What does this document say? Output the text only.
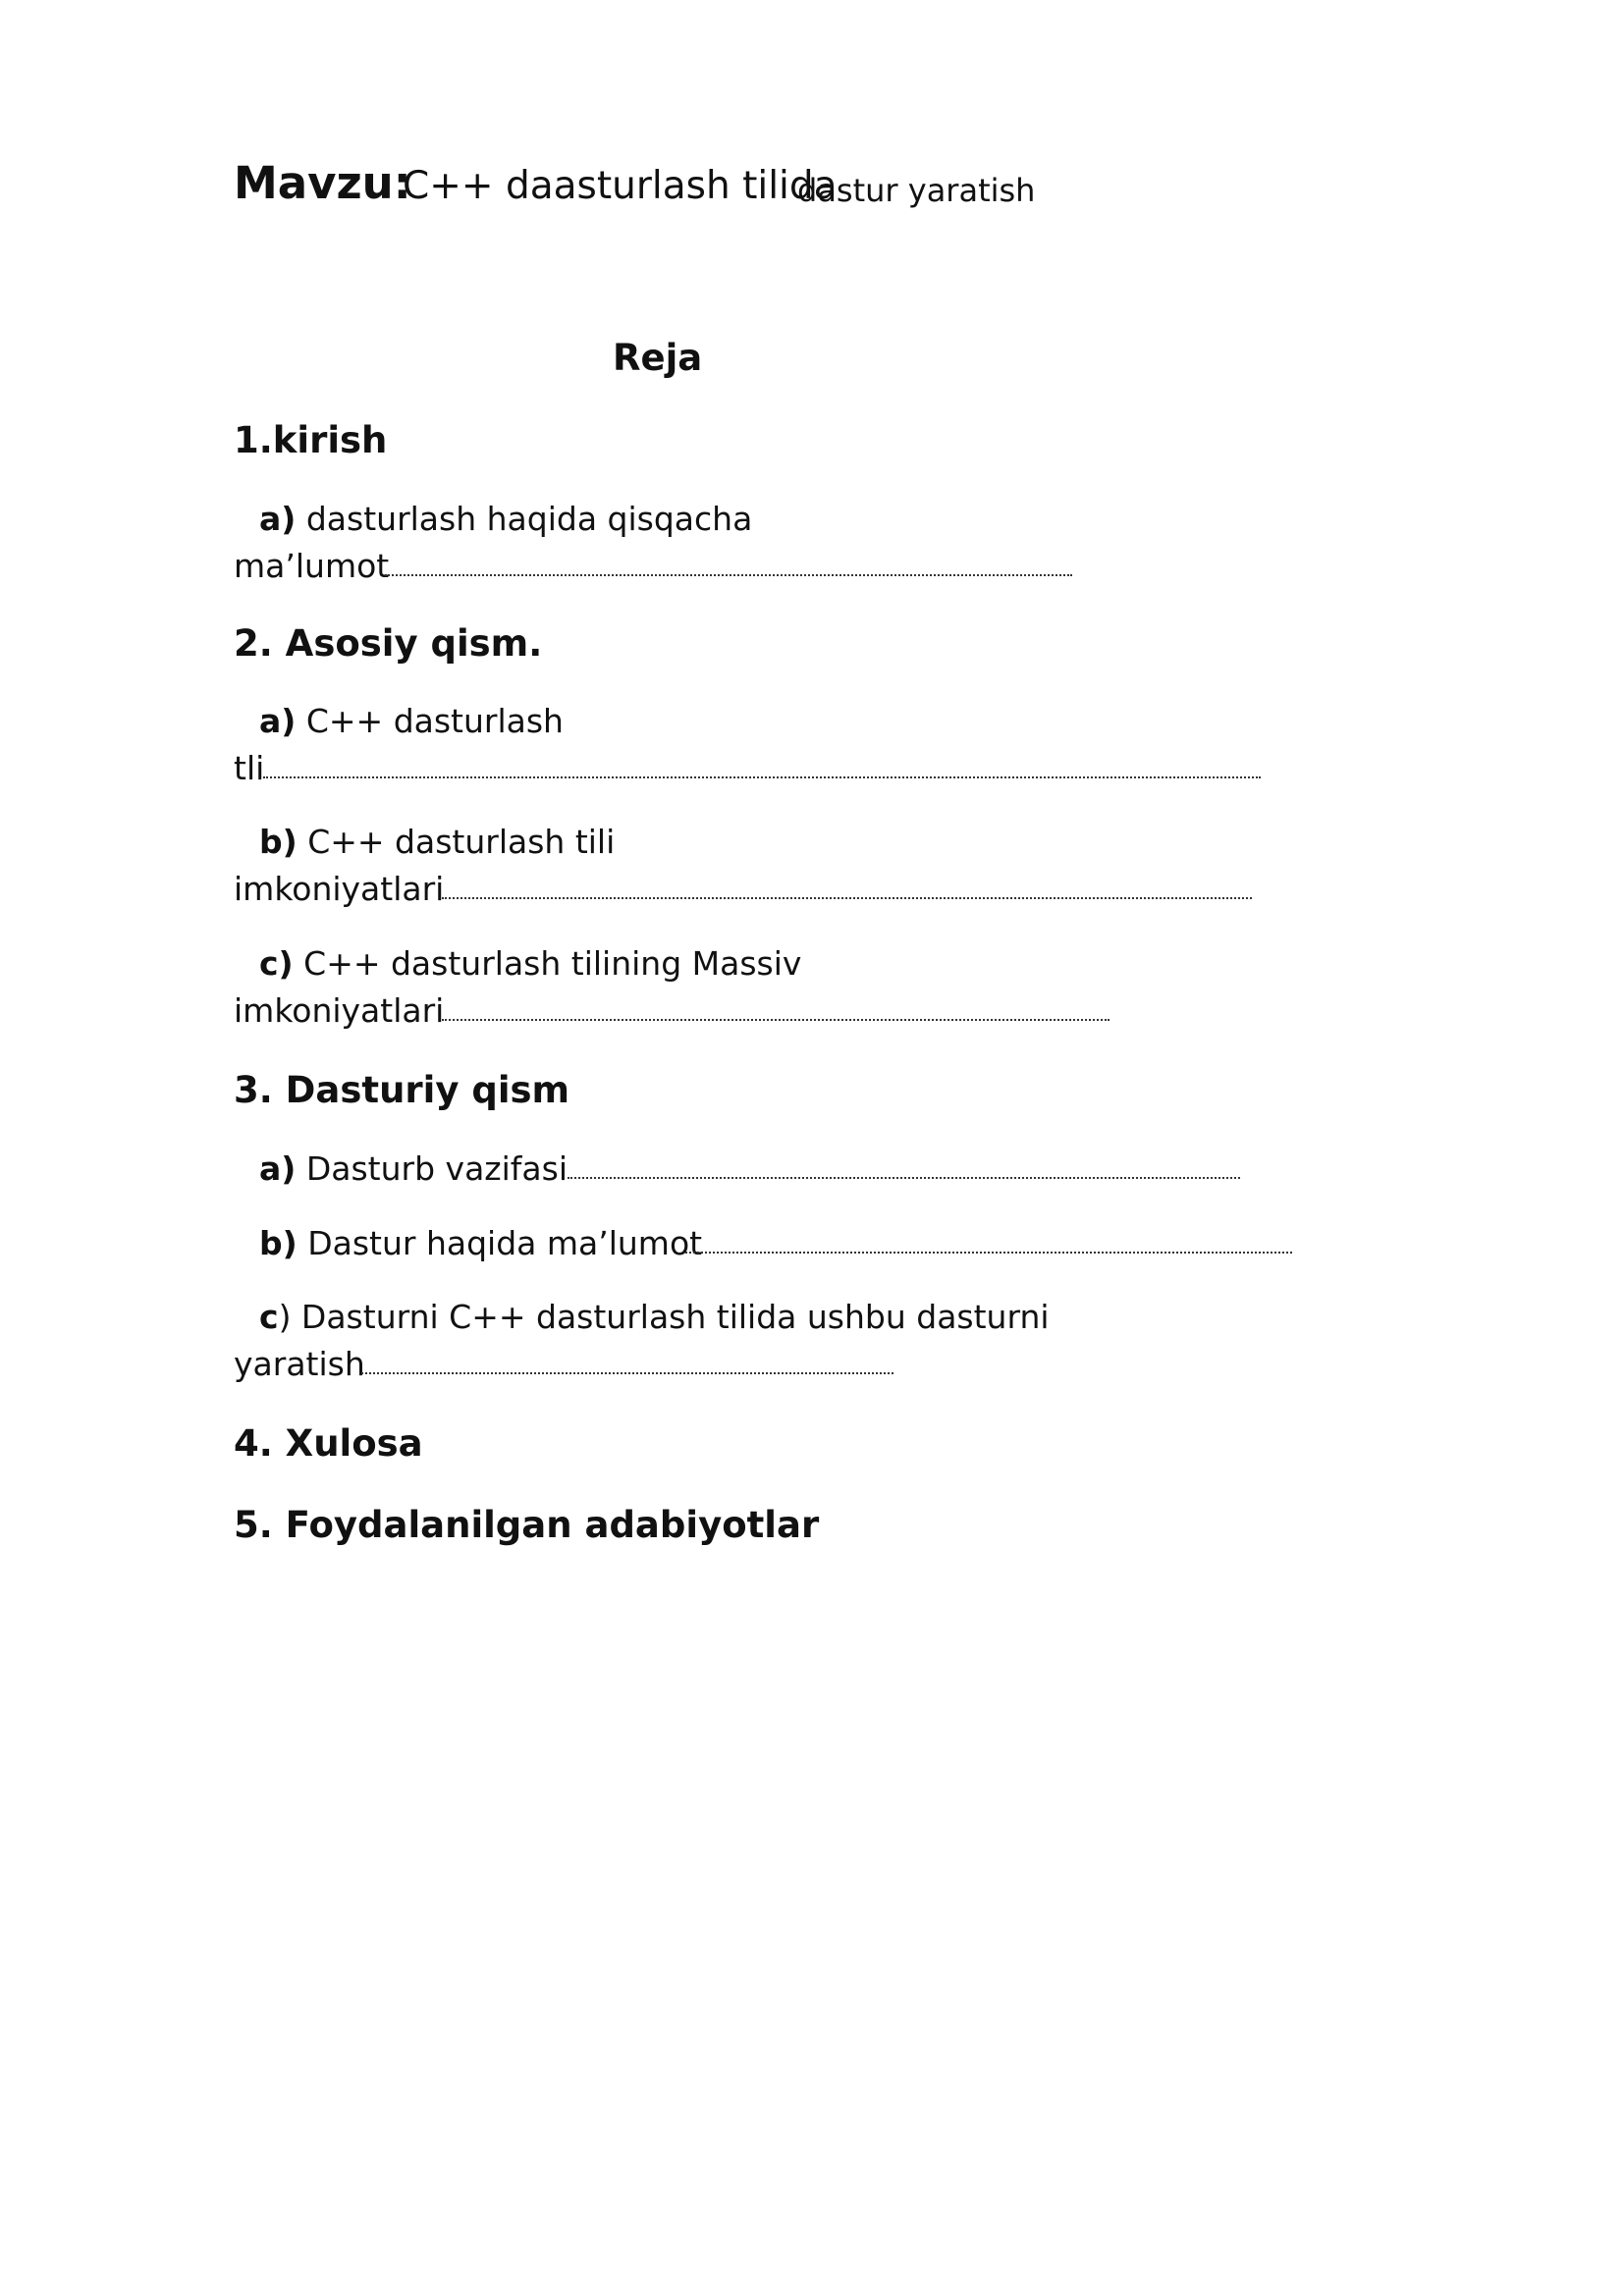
Mavzu:
C++ daasturlash tilida
dastur yaratish
Reja
1.kirish
a) dasturlash haqida qisqacha
ma’lumot
2. Asosiy qism.
a) C++ dasturlash
tli
b) C++ dasturlash tili
imkoniyatlari
c) C++ dasturlash tilining Massiv
imkoniyatlari
3. Dasturiy qism
a) Dasturb vazifasi
b) Dastur haqida ma’lumot
c) Dasturni C++ dasturlash tilida ushbu dasturni
yaratish
4. Xulosa
5. Foydalanilgan adabiyotlar
